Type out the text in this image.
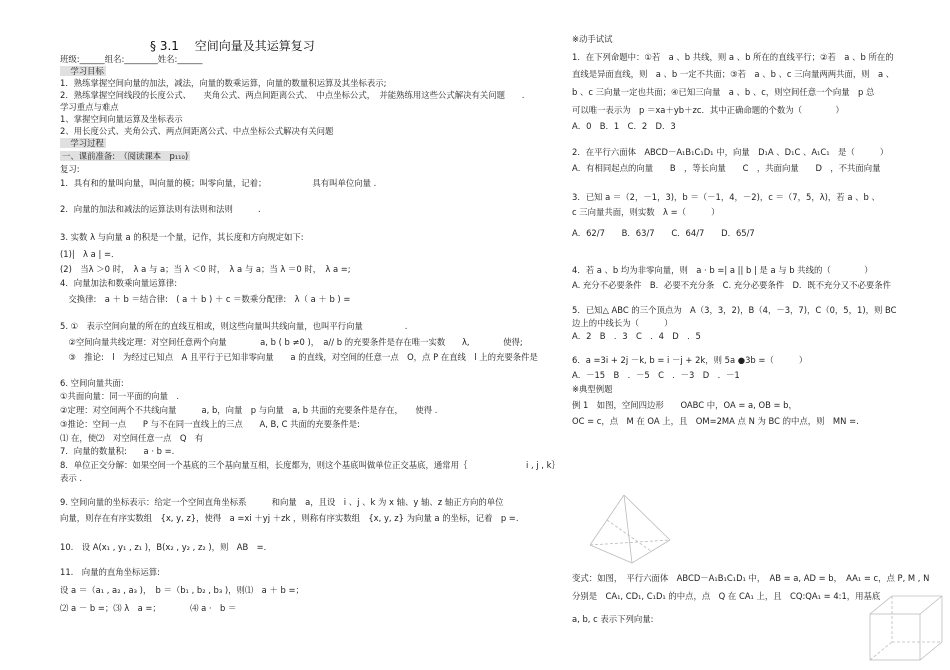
§ 3.1　 空间向量及其运算复习
班级:______组名:________姓名:______
　学习目标
1．熟练掌握空间向量的加法，减法，向量的数乘运算，向量的数量积运算及其坐标表示;
2．熟练掌握空间线段的长度公式、　　夹角公式、两点间距离公式、　中点坐标公式，　并能熟练用这些公式解决有关问题　　.
学习重点与难点
1、掌握空间向量运算及坐标表示
2、用长度公式、夹角公式、两点间距离公式、中点坐标公式解决有关问题
　学习过程
一、课前准备:　（阅读课本　p₁₁₀)
复习:
1．具有和的量叫向量，叫向量的模；叫零向量，记着；　　　　　　具有叫单位向量 .
2．向量的加法和减法的运算法则有法则和法则　　　.
3. 实数 λ 与向量 a 的积是一个量，记作，其长度和方向规定如下:
(1)|　λ a | =．
(2)　当λ ＞0 时，　λ a 与 a；当 λ ＜0 时，　λ a 与 a；当 λ ＝0 时，　λ a =;
4．向量加法和数乘向量运算律:
　交换律:　a ＋ b ＝结合律:　( a ＋ b ) ＋ c ＝数乘分配律:　λ（ a ＋ b ) =
5. ①　表示空间向量的所在的直线互相或，则这些向量叫共线向量，也叫平行向量　　　　　.
　②空间向量共线定理：对空间任意两个向量　　　　a, b ( b ≠0 )，　a// b 的充要条件是存在唯一实数　　λ,　　　　使得;
　③　推论:　l　为经过已知点　A 且平行于已知非零向量　　a 的直线，对空间的任意一点　O，点 P 在直线　l 上的充要条件是
6. 空间向量共面:
①共面向量：同一平面的向量　.
②定理：对空间两个不共线向量　　　a, b，向量　p 与向量　a, b 共面的充要条件是存在，　　使得 .
③推论：空间一点　　P 与不在同一直线上的三点　　A, B, C 共面的充要条件是:
⑴ 在，使⑵　对空间任意一点　Q　有
7．向量的数量积:　　a · b =.
8．单位正交分解：如果空间一个基底的三个基向量互相，长度都为，则这个基底叫做单位正交基底，通常用｛　　　　　　　i , j , k｝
表示 .
9. 空间向量的坐标表示：给定一个空间直角坐标系　　　和向量　a，且设　i 、j 、k 为 x 轴、y 轴、z 轴正方向的单位
向量，则存在有序实数组　{x, y, z}，使得　a =xi ＋yj ＋zk ，则称有序实数组　{x, y, z} 为向量 a 的坐标，记着　p =.
10.　设 A(x₁ , y₁ , z₁ )，B(x₂ , y₂ , z₂ )，则　AB　=．
11.　向量的直角坐标运算:
设 a ＝（a₁ , a₂ , a₃ )，　b ＝（b₁ , b₂ , b₃ )，则⑴　a ＋ b =；
⑵ a － b =；⑶ λ　a =；　　　　⑷ a ·　b ＝
※动手试试
1．在下列命题中：①若　a 、b 共线，则 a 、b 所在的直线平行；②若　a 、b 所在的
直线是异面直线，则　a 、b 一定不共面；③若　a 、b 、c 三向量两两共面，则　a 、
b 、c 三向量一定也共面；④已知三向量　a 、b 、c，则空间任意一个向量　p 总
可以唯一表示为　p ＝xa＋yb＋zc．其中正确命题的个数为（　　　　）
A．0　B．1　C．2　D．3
2．在平行六面体　ABCD－A₁B₁C₁D₁ 中，向量　D₁A 、D₁C 、A₁C₁　是（　　　）
A．有相同起点的向量　　B　，等长向量　　C　，共面向量　　D　，不共面向量
3．已知 a ＝（2，－1，3)，b ＝（－1，4，－2)，c ＝（7，5，λ)，若 a 、b 、
c 三向量共面，则实数　λ =（　　　）
A．62/7　　B．63/7　　C．64/7　　D．65/7
4．若 a 、b 均为非零向量，则　a · b =| a || b | 是 a 与 b 共线的（　　　　）
A. 充分不必要条件　B．必要不充分条　C. 充分必要条件　D．既不充分又不必要条件
5．已知△ ABC 的三个顶点为　A（3，3，2)，B（4，－3，7)，C（0，5，1)，则 BC
边上的中线长为（　　　）
A．2　B　．3　C　．4　D　．5
6．a =3i + 2j －k, b = i －j + 2k，则 5a ●3b =（　　　）
A．－15　B　．－5　C　．－3　D　．－1
※典型例题
例 1　如图，空间四边形　　OABC 中，OA = a, OB = b，
OC = c，点　M 在 OA 上，且　OM=2MA 点 N 为 BC 的中点，则　MN =.
变式：如图，　平行六面体　ABCD－A₁B₁C₁D₁ 中，　AB = a, AD = b，　AA₁ = c，点 P, M , N
分别是　CA₁, CD₁, C₁D₁ 的中点，点　Q 在 CA₁ 上，且　CQ:QA₁ = 4:1，用基底
a, b, c 表示下列向量:
